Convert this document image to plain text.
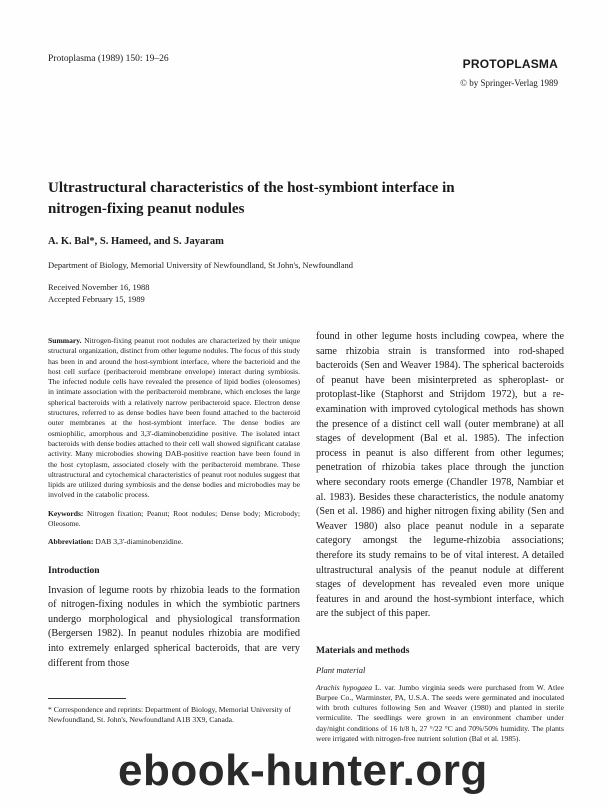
Protoplasma (1989) 150: 19–26	PROTOPLASMA
© by Springer-Verlag 1989
Ultrastructural characteristics of the host-symbiont interface in nitrogen-fixing peanut nodules
A. K. Bal*, S. Hameed, and S. Jayaram
Department of Biology, Memorial University of Newfoundland, St John's, Newfoundland
Received November 16, 1988
Accepted February 15, 1989

Summary. Nitrogen-fixing peanut root nodules are characterized by their unique structural organization, distinct from other legume nodules. The focus of this study has been in and around the host-symbiont interface, where the bacterioid and the host cell surface (peribacteroid membrane envelope) interact during symbiosis. The infected nodule cells have revealed the presence of lipid bodies (oleosomes) in intimate association with the peribacteroid membrane, which encloses the large spherical bacteroids with a relatively narrow peribacteroid space. Electron dense structures, referred to as dense bodies have been found attached to the bacteroid outer membranes at the host-symbiont interface. The dense bodies are osmiophilic, amorphous and 3,3'-diaminobenzidine positive. The isolated intact bacteroids with dense bodies attached to their cell wall showed significant catalase activity. Many microbodies showing DAB-positive reaction have been found in the host cytoplasm, associated closely with the peribacteroid membrane. These ultrastructural and cytochemical characteristics of peanut root nodules suggest that lipids are utilized during symbiosis and the dense bodies and microbodies may be involved in the catabolic process.

Keywords: Nitrogen fixation; Peanut; Root nodules; Dense body; Microbody; Oleosome.

Abbreviation: DAB 3,3'-diaminobenzidine.

Introduction

Invasion of legume roots by rhizobia leads to the formation of nitrogen-fixing nodules in which the symbiotic partners undergo morphological and physiological transformation (Bergersen 1982). In peanut nodules rhizobia are modified into extremely enlarged spherical bacteroids, that are very different from those

found in other legume hosts including cowpea, where the same rhizobia strain is transformed into rod-shaped bacteroids (Sen and Weaver 1984). The spherical bacteroids of peanut have been misinterpreted as spheroplast- or protoplast-like (Staphorst and Strijdom 1972), but a re-examination with improved cytological methods has shown the presence of a distinct cell wall (outer membrane) at all stages of development (Bal et al. 1985). The infection process in peanut is also different from other legumes; penetration of rhizobia takes place through the junction where secondary roots emerge (Chandler 1978, Nambiar et al. 1983). Besides these characteristics, the nodule anatomy (Sen et al. 1986) and higher nitrogen fixing ability (Sen and Weaver 1980) also place peanut nodule in a separate category amongst the legume-rhizobia associations; therefore its study remains to be of vital interest. A detailed ultrastructural analysis of the peanut nodule at different stages of development has revealed even more unique features in and around the host-symbiont interface, which are the subject of this paper.

Materials and methods
Plant material

Arachis hypogaea L. var. Jumbo virginia seeds were purchased from W. Atlee Burpee Co., Warminster, PA, U.S.A. The seeds were germinated and inoculated with broth cultures following Sen and Weaver (1980) and planted in sterile vermiculite. The seedlings were grown in an environment chamber under day/night conditions of 16 h/8 h, 27 °/22 °C and 70%/50% humidity. The plants were irrigated with nitrogen-free nutrient solution (Bal et al. 1985).

* Correspondence and reprints: Department of Biology, Memorial University of Newfoundland, St. John's, Newfoundland A1B 3X9, Canada.
ebook-hunter.org
